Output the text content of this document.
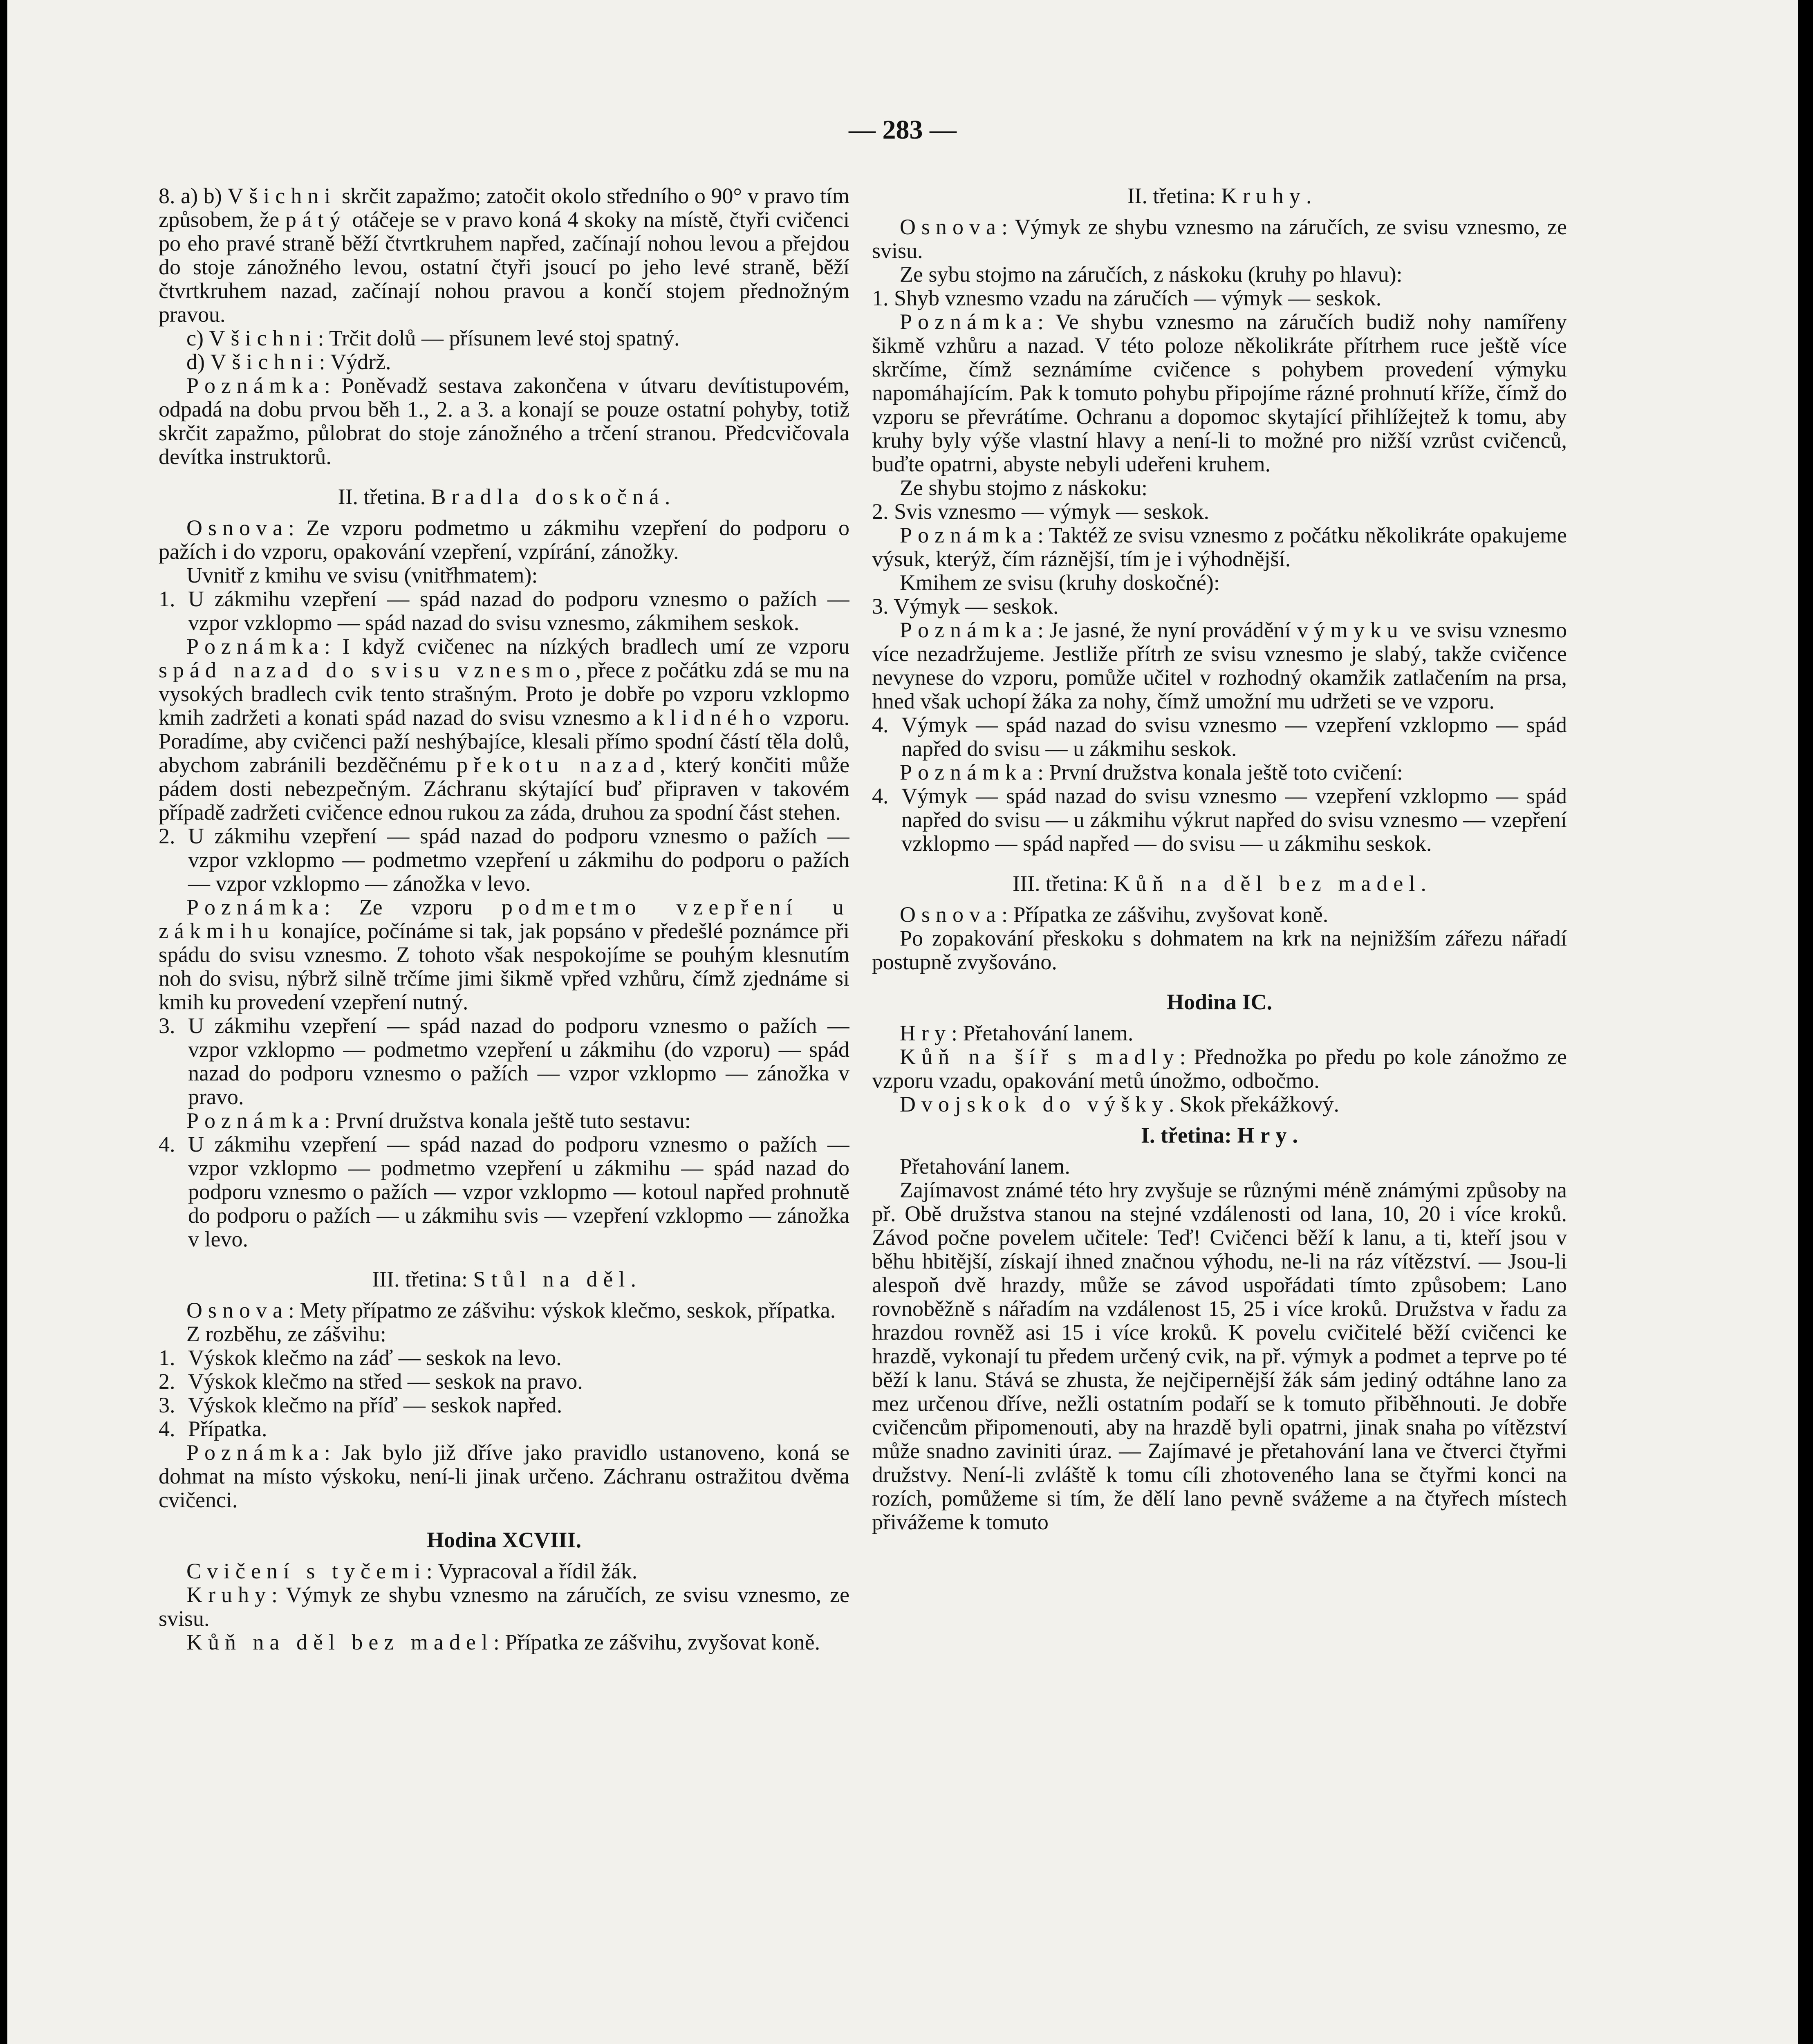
— 283 —

8. a) b) Všichni skrčit zapažmo; zatočit okolo středního o 90° v pravo tím způsobem, že pátý otáčeje se v pravo koná 4 skoky na místě, čtyři cvičenci po eho pravé straně běží čtvrtkruhem napřed, začínají nohou levou a přejdou do stoje zánožného levou, ostatní čtyři jsoucí po jeho levé straně, běží čtvrtkruhem nazad, začínají nohou pravou a končí stojem přednožným pravou.

c) Všichni: Trčit dolů — přísunem levé stoj spatný.

d) Všichni: Výdrž.

Poznámka: Poněvadž sestava zakončena v útvaru devítistupovém, odpadá na dobu prvou běh 1., 2. a 3. a konají se pouze ostatní pohyby, totiž skrčit zapažmo, půlobrat do stoje zánožného a trčení stranou. Předcvičovala devítka instruktorů.

II. třetina. Bradla doskočná.

Osnova: Ze vzporu podmetmo u zákmihu vzepření do podporu o pažích i do vzporu, opakování vzepření, vzpírání, zánožky.

Uvnitř z kmihu ve svisu (vnitřhmatem):

1. U zákmihu vzepření — spád nazad do podporu vznesmo o pažích — vzpor vzklopmo — spád nazad do svisu vznesmo, zákmihem seskok.

Poznámka: I když cvičenec na nízkých bradlech umí ze vzporu spád nazad do svisu vznesmo, přece z počátku zdá se mu na vysokých bradlech cvik tento strašným. Proto je dobře po vzporu vzklopmo kmih zadržeti a konati spád nazad do svisu vznesmo a klidného vzporu. Poradíme, aby cvičenci paží neshýbajíce, klesali přímo spodní částí těla dolů, abychom zabránili bezděčnému překotu nazad, který končiti může pádem dosti nebezpečným. Záchranu skýtající buď připraven v takovém případě zadržeti cvičence ednou rukou za záda, druhou za spodní část stehen.

2. U zákmihu vzepření — spád nazad do podporu vznesmo o pažích — vzpor vzklopmo — podmetmo vzepření u zákmihu do podporu o pažích — vzpor vzklopmo — zánožka v levo.

Poznámka: Ze vzporu podmetmo vzepření u zákmihu konajíce, počínáme si tak, jak popsáno v předešlé poznámce při spádu do svisu vznesmo. Z tohoto však nespokojíme se pouhým klesnutím noh do svisu, nýbrž silně trčíme jimi šikmě vpřed vzhůru, čímž zjednáme si kmih ku provedení vzepření nutný.

3. U zákmihu vzepření — spád nazad do podporu vznesmo o pažích — vzpor vzklopmo — podmetmo vzepření u zákmihu (do vzporu) — spád nazad do podporu vznesmo o pažích — vzpor vzklopmo — zánožka v pravo.

Poznámka: První družstva konala ještě tuto sestavu:

4. U zákmihu vzepření — spád nazad do podporu vznesmo o pažích — vzpor vzklopmo — podmetmo vzepření u zákmihu — spád nazad do podporu vznesmo o pažích — vzpor vzklopmo — kotoul napřed prohnutě do podporu o pažích — u zákmihu svis — vzepření vzklopmo — zánožka v levo.

III. třetina: Stůl na děl.

Osnova: Mety přípatmo ze zášvihu: výskok klečmo, seskok, přípatka.

Z rozběhu, ze zášvihu:

1. Výskok klečmo na záď — seskok na levo.

2. Výskok klečmo na střed — seskok na pravo.

3. Výskok klečmo na příď — seskok napřed.

4. Přípatka.

Poznámka: Jak bylo již dříve jako pravidlo ustanoveno, koná se dohmat na místo výskoku, není-li jinak určeno. Záchranu ostražitou dvěma cvičenci.

Hodina XCVIII.

Cvičení s tyčemi: Vypracoval a řídil žák.

Kruhy: Výmyk ze shybu vznesmo na záručích, ze svisu vznesmo, ze svisu.

Kůň na děl bez madel: Přípatka ze zášvihu, zvyšovat koně.

II. třetina: Kruhy.

Osnova: Výmyk ze shybu vznesmo na záručích, ze svisu vznesmo, ze svisu.

Ze sybu stojmo na záručích, z náskoku (kruhy po hlavu):

1. Shyb vznesmo vzadu na záručích — výmyk — seskok.

Poznámka: Ve shybu vznesmo na záručích budiž nohy namířeny šikmě vzhůru a nazad. V této poloze několikráte přítrhem ruce ještě více skrčíme, čímž seznámíme cvičence s pohybem provedení výmyku napomáhajícím. Pak k tomuto pohybu připojíme rázné prohnutí kříže, čímž do vzporu se převrátíme. Ochranu a dopomoc skytající přihlížejtež k tomu, aby kruhy byly výše vlastní hlavy a není-li to možné pro nižší vzrůst cvičenců, buďte opatrni, abyste nebyli udeřeni kruhem.

Ze shybu stojmo z náskoku:

2. Svis vznesmo — výmyk — seskok.

Poznámka: Taktéž ze svisu vznesmo z počátku několikráte opakujeme výsuk, kterýž, čím ráznější, tím je i výhodnější.

Kmihem ze svisu (kruhy doskočné):

3. Výmyk — seskok.

Poznámka: Je jasné, že nyní provádění výmyku ve svisu vznesmo více nezadržujeme. Jestliže přítrh ze svisu vznesmo je slabý, takže cvičence nevynese do vzporu, pomůže učitel v rozhodný okamžik zatlačením na prsa, hned však uchopí žáka za nohy, čímž umožní mu udržeti se ve vzporu.

4. Výmyk — spád nazad do svisu vznesmo — vzepření vzklopmo — spád napřed do svisu — u zákmihu seskok.

Poznámka: První družstva konala ještě toto cvičení:

4. Výmyk — spád nazad do svisu vznesmo — vzepření vzklopmo — spád napřed do svisu — u zákmihu výkrut napřed do svisu vznesmo — vzepření vzklopmo — spád napřed — do svisu — u zákmihu seskok.

III. třetina: Kůň na děl bez madel.

Osnova: Přípatka ze zášvihu, zvyšovat koně.

Po zopakování přeskoku s dohmatem na krk na nejnižším zářezu nářadí postupně zvyšováno.

Hodina IC.

Hry: Přetahování lanem.

Kůň na šíř s madly: Přednožka po předu po kole zánožmo ze vzporu vzadu, opakování metů únožmo, odbočmo.

Dvojskok do výšky. Skok překážkový.

I. třetina: Hry.

Přetahování lanem.

Zajímavost známé této hry zvyšuje se různými méně známými způsoby na př. Obě družstva stanou na stejné vzdálenosti od lana, 10, 20 i více kroků. Závod počne povelem učitele: Teď! Cvičenci běží k lanu, a ti, kteří jsou v běhu hbitější, získají ihned značnou výhodu, ne-li na ráz vítězství. — Jsou-li alespoň dvě hrazdy, může se závod uspořádati tímto způsobem: Lano rovnoběžně s nářadím na vzdálenost 15, 25 i více kroků. Družstva v řadu za hrazdou rovněž asi 15 i více kroků. K povelu cvičitelé běží cvičenci ke hrazdě, vykonají tu předem určený cvik, na př. výmyk a podmet a teprve po té běží k lanu. Stává se zhusta, že nejčipernější žák sám jediný odtáhne lano za mez určenou dříve, nežli ostatním podaří se k tomuto přiběhnouti. Je dobře cvičencům připomenouti, aby na hrazdě byli opatrni, jinak snaha po vítězství může snadno zaviniti úraz. — Zajímavé je přetahování lana ve čtverci čtyřmi družstvy. Není-li zvláště k tomu cíli zhotoveného lana se čtyřmi konci na rozích, pomůžeme si tím, že dělí lano pevně svážeme a na čtyřech místech přivážeme k tomuto
